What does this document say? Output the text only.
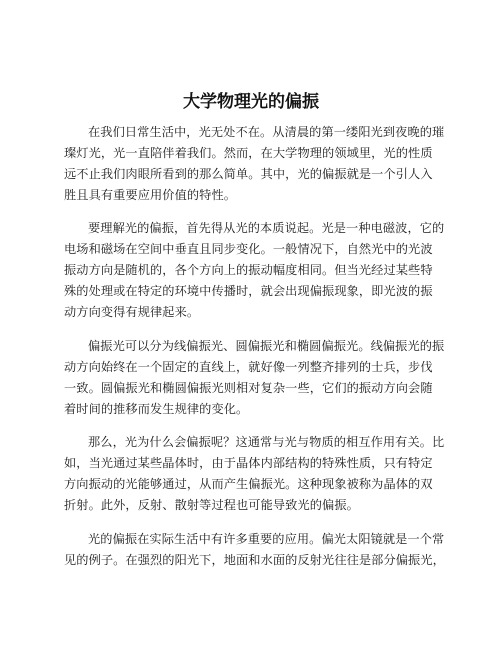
大学物理光的偏振
在我们日常生活中，光无处不在。从清晨的第一缕阳光到夜晚的璀
璨灯光，光一直陪伴着我们。然而，在大学物理的领域里，光的性质
远不止我们肉眼所看到的那么简单。其中，光的偏振就是一个引人入
胜且具有重要应用价值的特性。
要理解光的偏振，首先得从光的本质说起。光是一种电磁波，它的
电场和磁场在空间中垂直且同步变化。一般情况下，自然光中的光波
振动方向是随机的，各个方向上的振动幅度相同。但当光经过某些特
殊的处理或在特定的环境中传播时，就会出现偏振现象，即光波的振
动方向变得有规律起来。
偏振光可以分为线偏振光、圆偏振光和椭圆偏振光。线偏振光的振
动方向始终在一个固定的直线上，就好像一列整齐排列的士兵，步伐
一致。圆偏振光和椭圆偏振光则相对复杂一些，它们的振动方向会随
着时间的推移而发生规律的变化。
那么，光为什么会偏振呢？这通常与光与物质的相互作用有关。比
如，当光通过某些晶体时，由于晶体内部结构的特殊性质，只有特定
方向振动的光能够通过，从而产生偏振光。这种现象被称为晶体的双
折射。此外，反射、散射等过程也可能导致光的偏振。
光的偏振在实际生活中有许多重要的应用。偏光太阳镜就是一个常
见的例子。在强烈的阳光下，地面和水面的反射光往往是部分偏振光，
